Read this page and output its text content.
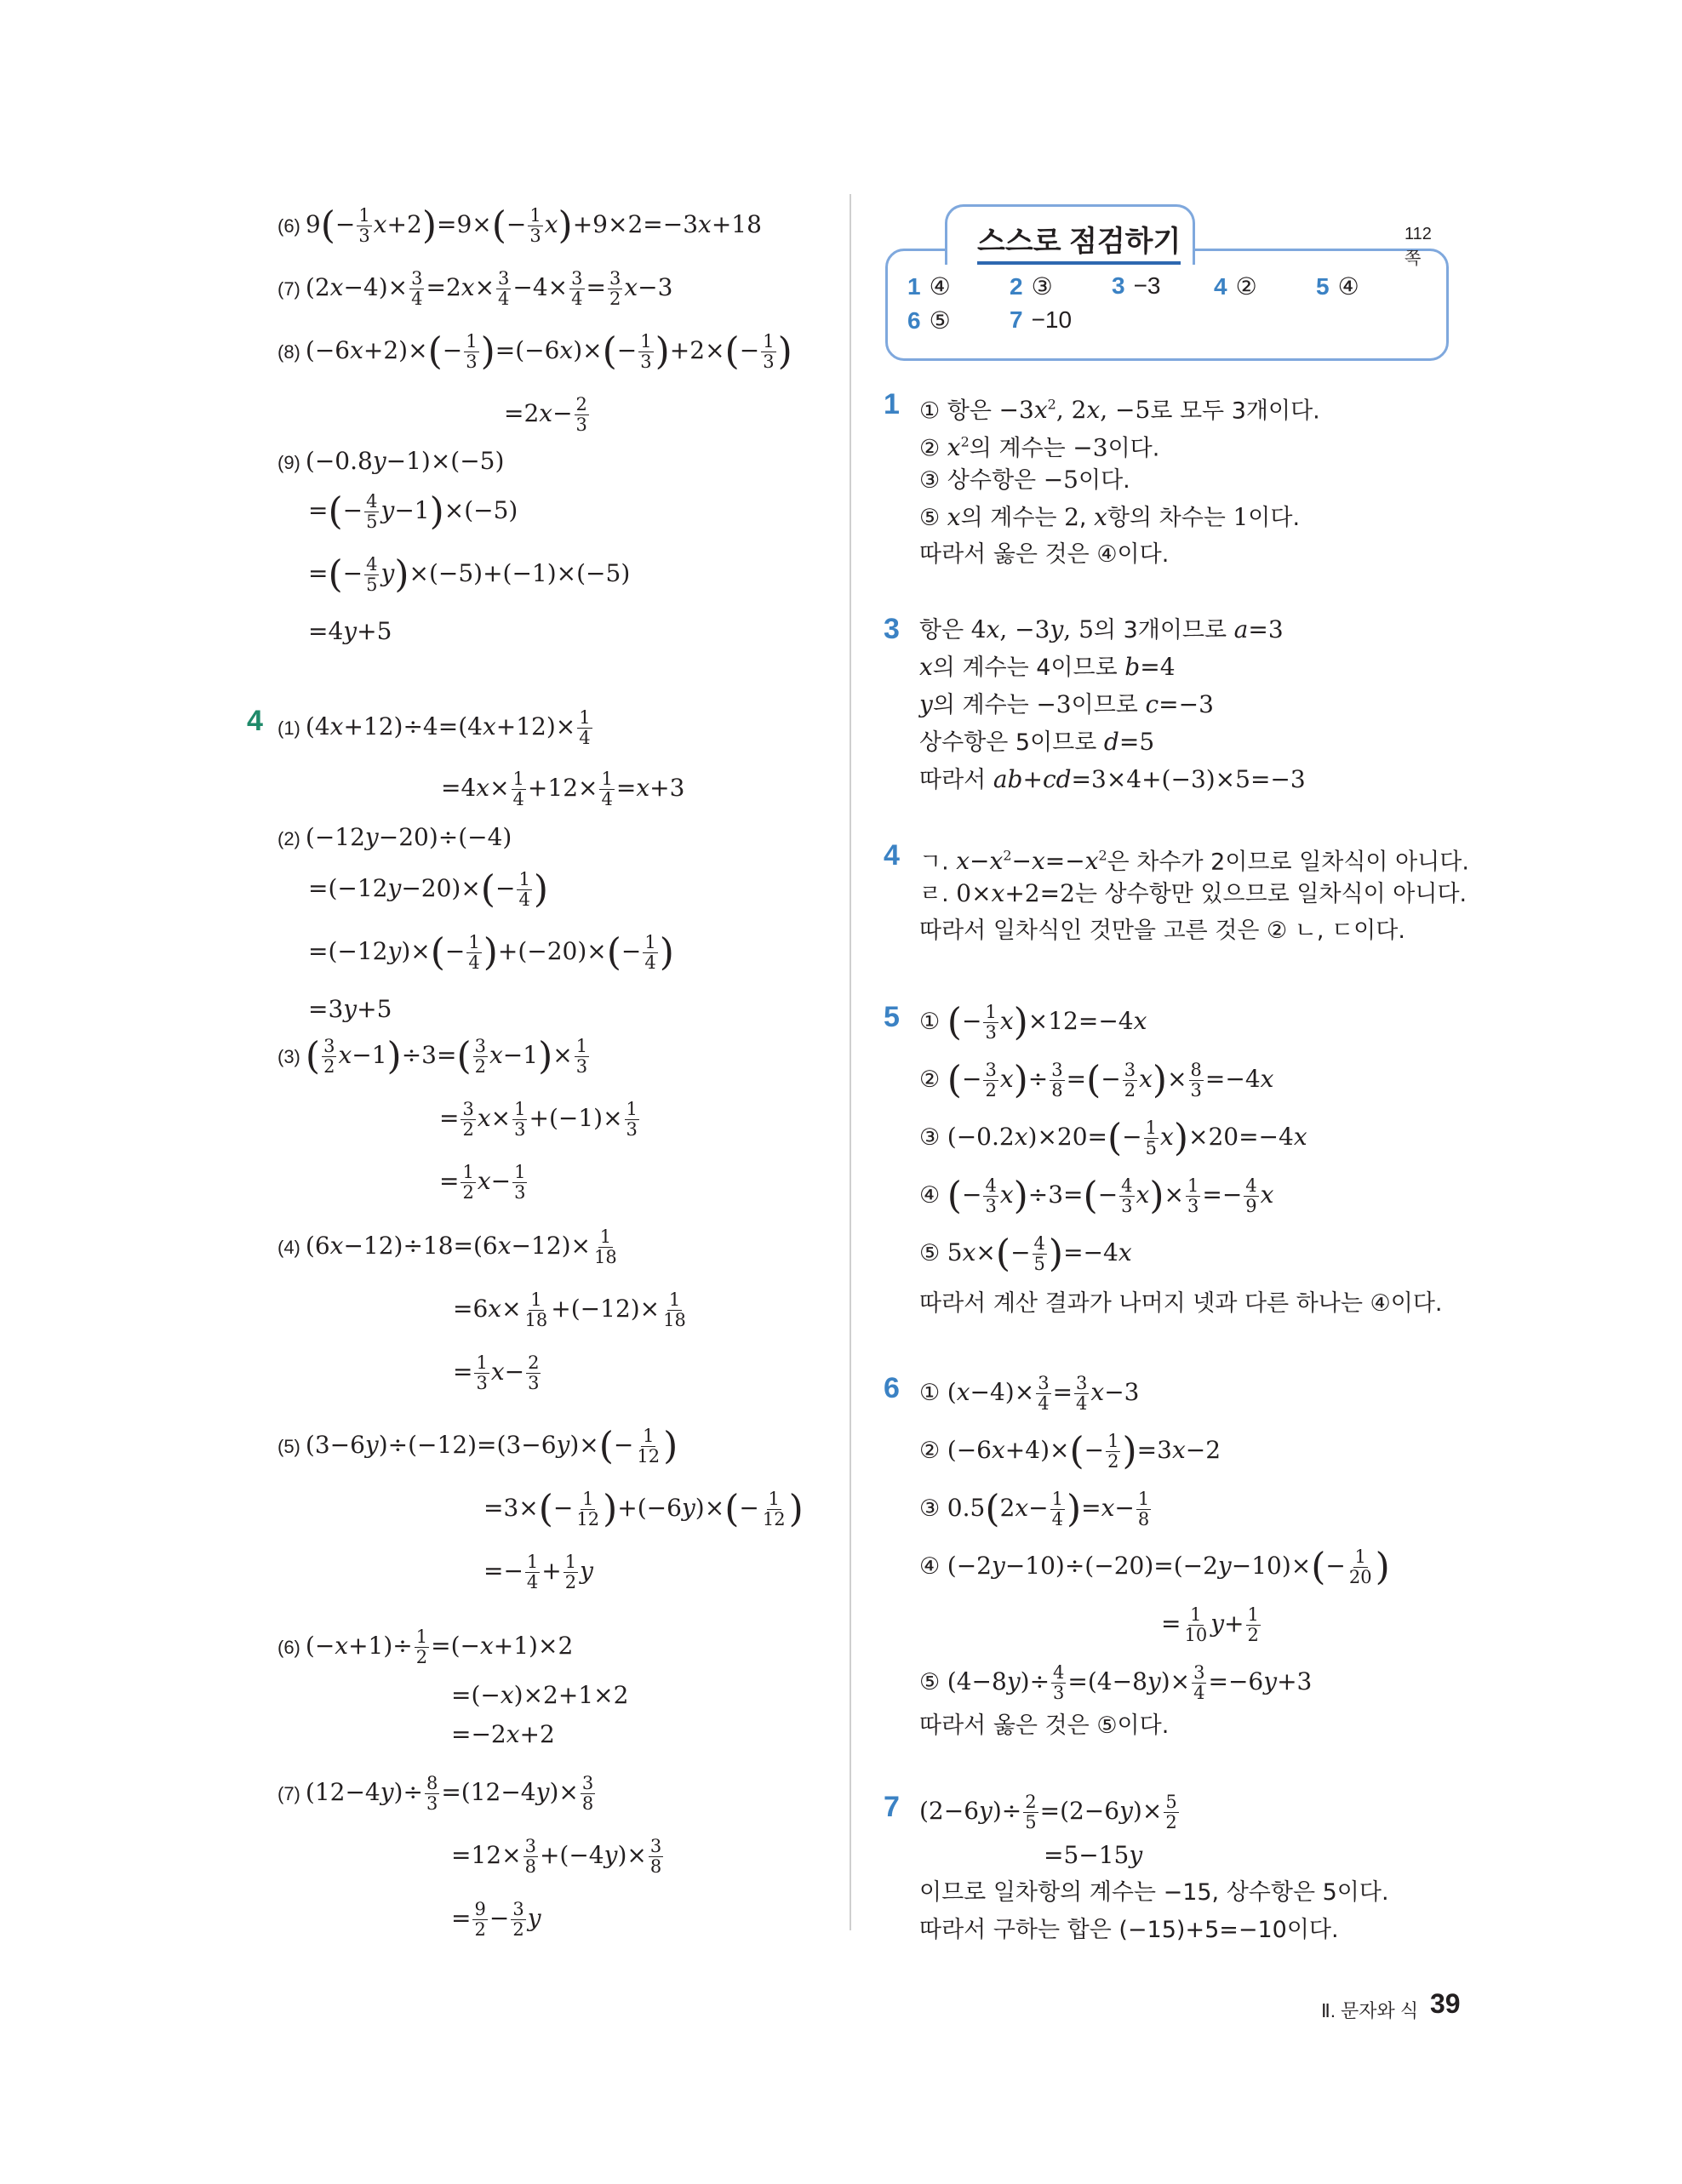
(6) $9(- \frac{1}{3} x+2)=9\times(- \frac{1}{3} x)+9\times 2=-3x+18$
(7) $(2x-4)\times \frac{3}{4} =2x\times \frac{3}{4} -4\times \frac{3}{4} = \frac{3}{2} x-3$
(8) $(-6x+2)\times(- \frac{1}{3} )=(-6x)\times(- \frac{1}{3} )+2\times(- \frac{1}{3}$ )
$=2x- \frac{2}{3}$
(9) (−0.8y−1)×(−5)
=(− $\frac{4}{5} y-1)\times(-5)$
=(− $\frac{4}{5} y)\times(-5)+(-1)\times(-5)$
=4y+5
4 (1) $(4x+12)\div 4=(4x+12)\times \frac{1}{4}$
$=4x\times \frac{1}{4} +12\times \frac{1}{4} =x+3$
(2) (−12y−20)÷(−4)
$=(-12y-20)\times(- \frac{1}{4}$ )
$=(-12y)\times(- \frac{1}{4} )+(-20)\times(- \frac{1}{4}$ )
=3y+5
(3) ( $\frac{3}{2} x-1)\div 3=( \frac{3}{2} x-1)\times \frac{1}{3}$
= $\frac{3}{2} x\times \frac{1}{3} +(-1)\times \frac{1}{3}$
= $\frac{1}{2} x- \frac{1}{3}$
(4) $(6x-12)\div 18=(6x-12)\times \frac{1}{18}$
$=6x\times \frac{1}{18} +(-12)\times \frac{1}{18}$
= $\frac{1}{3} x- \frac{2}{3}$
(5) $(3-6y)\div(-12)=(3-6y)\times(- \frac{1}{12}$ )
$=3\times(- \frac{1}{12} )+(-6y)\times(- \frac{1}{12}$ )
=− $\frac{1}{4} + \frac{1}{2}$ y
(6) $(-x+1)\div \frac{1}{2} =(-x+1)\times 2$
=(−x)×2+1×2
=−2x+2
(7) $(12-4y)\div \frac{8}{3} =(12-4y)\times \frac{3}{8}$
$=12\times \frac{3}{8} +(-4y)\times \frac{3}{8}$
= $\frac{9}{2} - \frac{3}{2}$ y
스스로 점검하기	112쪽
1 ④ 2 ③ 3 −3 4 ② 5 ④
6 ⑤ 7 −10
1 ① 항은 $-3x^2$, 2x, −5로 모두 3개이다.
② $x^2$의 계수는 −3이다.
③ 상수항은 −5이다.
⑤ x의 계수는 2, x항의 차수는 1이다.
따라서 옳은 것은 ④이다.
3 항은 4x, −3y, 5의 3개이므로 a=3
x의 계수는 4이므로 b=4
y의 계수는 −3이므로 c=−3
상수항은 5이므로 d=5
따라서 ab+cd=3×4+(−3)×5=−3
4 ㄱ. $x-x^2-x=-x^2$은 차수가 2이므로 일차식이 아니다.
ㄹ. 0×x+2=2는 상수항만 있으므로 일차식이 아니다.
따라서 일차식인 것만을 고른 것은 ② ㄴ, ㄷ이다.
5 ① (− $\frac{1}{3} x)\times 12=-4x$
② (− $\frac{3}{2} x)\div \frac{3}{8}$ =(− $\frac{3}{2} x)\times \frac{8}{3} =-4x$
③ $(-0.2x)\times 20=(- \frac{1}{5} x)\times 20=-4x$
④ (− $\frac{4}{3} x)\div 3=(- \frac{4}{3} x)\times \frac{1}{3} =- \frac{4}{9}$ x
⑤ $5x\times(- \frac{4}{5} )=-4x$
따라서 계산 결과가 나머지 넷과 다른 하나는 ④이다.
6 ① $(x-4)\times \frac{3}{4} = \frac{3}{4} x-3$
② $(-6x+4)\times(- \frac{1}{2} )=3x-2$
③ $0.5(2x- \frac{1}{4} )=x- \frac{1}{8}$
④ $(-2y-10)\div(-20)=(-2y-10)\times(- \frac{1}{20}$ )
= $\frac{1}{10} y+ \frac{1}{2}$
⑤ $(4-8y)\div \frac{4}{3} =(4-8y)\times \frac{3}{4} =-6y+3$
따라서 옳은 것은 ⑤이다.
7 $(2-6y)\div \frac{2}{5} =(2-6y)\times \frac{5}{2}$
=5−15y
이므로 일차항의 계수는 −15, 상수항은 5이다.
따라서 구하는 합은 (−15)+5=−10이다.
Ⅱ. 문자와 식 39
